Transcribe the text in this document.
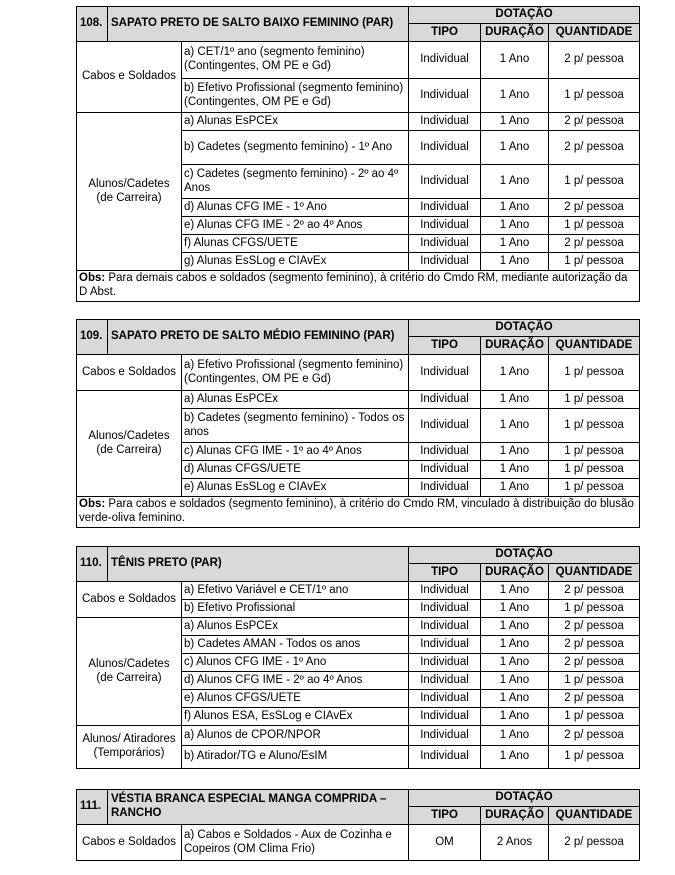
108.	SAPATO PRETO DE SALTO BAIXO FEMININO (PAR)		DOTAÇÃO		
			TIPO	DURAÇÃO	QUANTIDADE
Cabos e Soldados		a) CET/1º ano (segmento feminino) (Contingentes, OM PE e Gd)	Individual	1 Ano	2 p/ pessoa
		b) Efetivo Profissional (segmento feminino) (Contingentes, OM PE e Gd)	Individual	1 Ano	1 p/ pessoa
Alunos/Cadetes (de Carreira)		a) Alunas EsPCEx	Individual	1 Ano	2 p/ pessoa
		b) Cadetes (segmento feminino) - 1º Ano	Individual	1 Ano	2 p/ pessoa
		c) Cadetes (segmento feminino) - 2º ao 4º Anos	Individual	1 Ano	1 p/ pessoa
		d) Alunas CFG IME - 1º Ano	Individual	1 Ano	2 p/ pessoa
		e) Alunas CFG IME - 2º ao 4º Anos	Individual	1 Ano	1 p/ pessoa
		f) Alunas CFGS/UETE	Individual	1 Ano	2 p/ pessoa
		g) Alunas EsSLog e CIAvEx	Individual	1 Ano	1 p/ pessoa
Obs: Para demais cabos e soldados (segmento feminino), à critério do Cmdo RM, mediante autorização da D Abst.					
109.	SAPATO PRETO DE SALTO MÉDIO FEMININO (PAR)		DOTAÇÃO		
			TIPO	DURAÇÃO	QUANTIDADE
Cabos e Soldados		a) Efetivo Profissional (segmento feminino) (Contingentes, OM PE e Gd)	Individual	1 Ano	1 p/ pessoa
Alunos/Cadetes (de Carreira)		a) Alunas EsPCEx	Individual	1 Ano	1 p/ pessoa
		b) Cadetes (segmento feminino) - Todos os anos	Individual	1 Ano	1 p/ pessoa
		c) Alunas CFG IME - 1º ao 4º Anos	Individual	1 Ano	1 p/ pessoa
		d) Alunas CFGS/UETE	Individual	1 Ano	1 p/ pessoa
		e) Alunas EsSLog e CIAvEx	Individual	1 Ano	1 p/ pessoa
Obs: Para cabos e soldados (segmento feminino), à critério do Cmdo RM, vinculado à distribuição do blusão verde-oliva feminino.					
110.	TÊNIS PRETO (PAR)		DOTAÇÃO		
			TIPO	DURAÇÃO	QUANTIDADE
Cabos e Soldados		a) Efetivo Variável e CET/1º ano	Individual	1 Ano	2 p/ pessoa
		b) Efetivo Profissional	Individual	1 Ano	1 p/ pessoa
Alunos/Cadetes (de Carreira)		a) Alunos EsPCEx	Individual	1 Ano	2 p/ pessoa
		b) Cadetes AMAN - Todos os anos	Individual	1 Ano	2 p/ pessoa
		c) Alunos CFG IME - 1º Ano	Individual	1 Ano	2 p/ pessoa
		d) Alunos CFG IME - 2º ao 4º Anos	Individual	1 Ano	1 p/ pessoa
		e) Alunos CFGS/UETE	Individual	1 Ano	2 p/ pessoa
		f) Alunos ESA, EsSLog e CIAvEx	Individual	1 Ano	1 p/ pessoa
Alunos/ Atiradores (Temporários)		a) Alunos de CPOR/NPOR	Individual	1 Ano	2 p/ pessoa
		b) Atirador/TG e Aluno/EsIM	Individual	1 Ano	1 p/ pessoa
111.	VÉSTIA BRANCA ESPECIAL MANGA COMPRIDA – RANCHO		DOTAÇÃO		
			TIPO	DURAÇÃO	QUANTIDADE
Cabos e Soldados		a) Cabos e Soldados - Aux de Cozinha e Copeiros (OM Clima Frio)	OM	2 Anos	2 p/ pessoa
